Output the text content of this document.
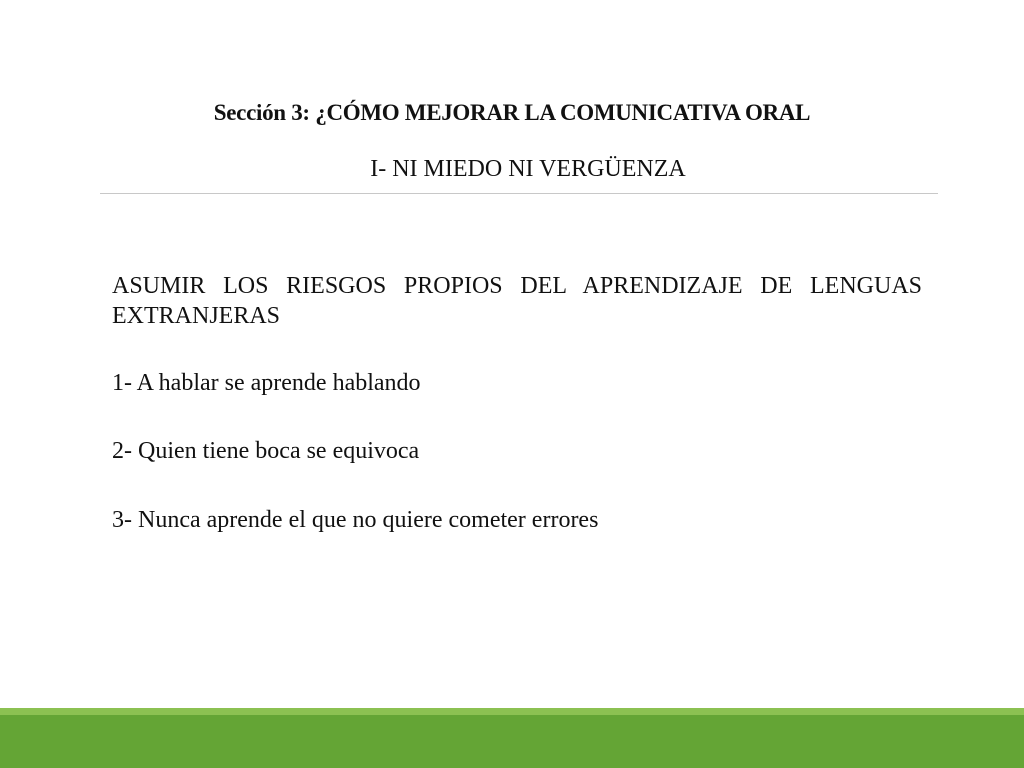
Sección 3: ¿CÓMO MEJORAR LA COMUNICATIVA ORAL
I- NI MIEDO NI VERGÜENZA
ASUMIR LOS RIESGOS PROPIOS DEL APRENDIZAJE DE LENGUAS EXTRANJERAS
1- A hablar se aprende hablando
2- Quien tiene boca se equivoca
3- Nunca aprende el que no quiere cometer errores
